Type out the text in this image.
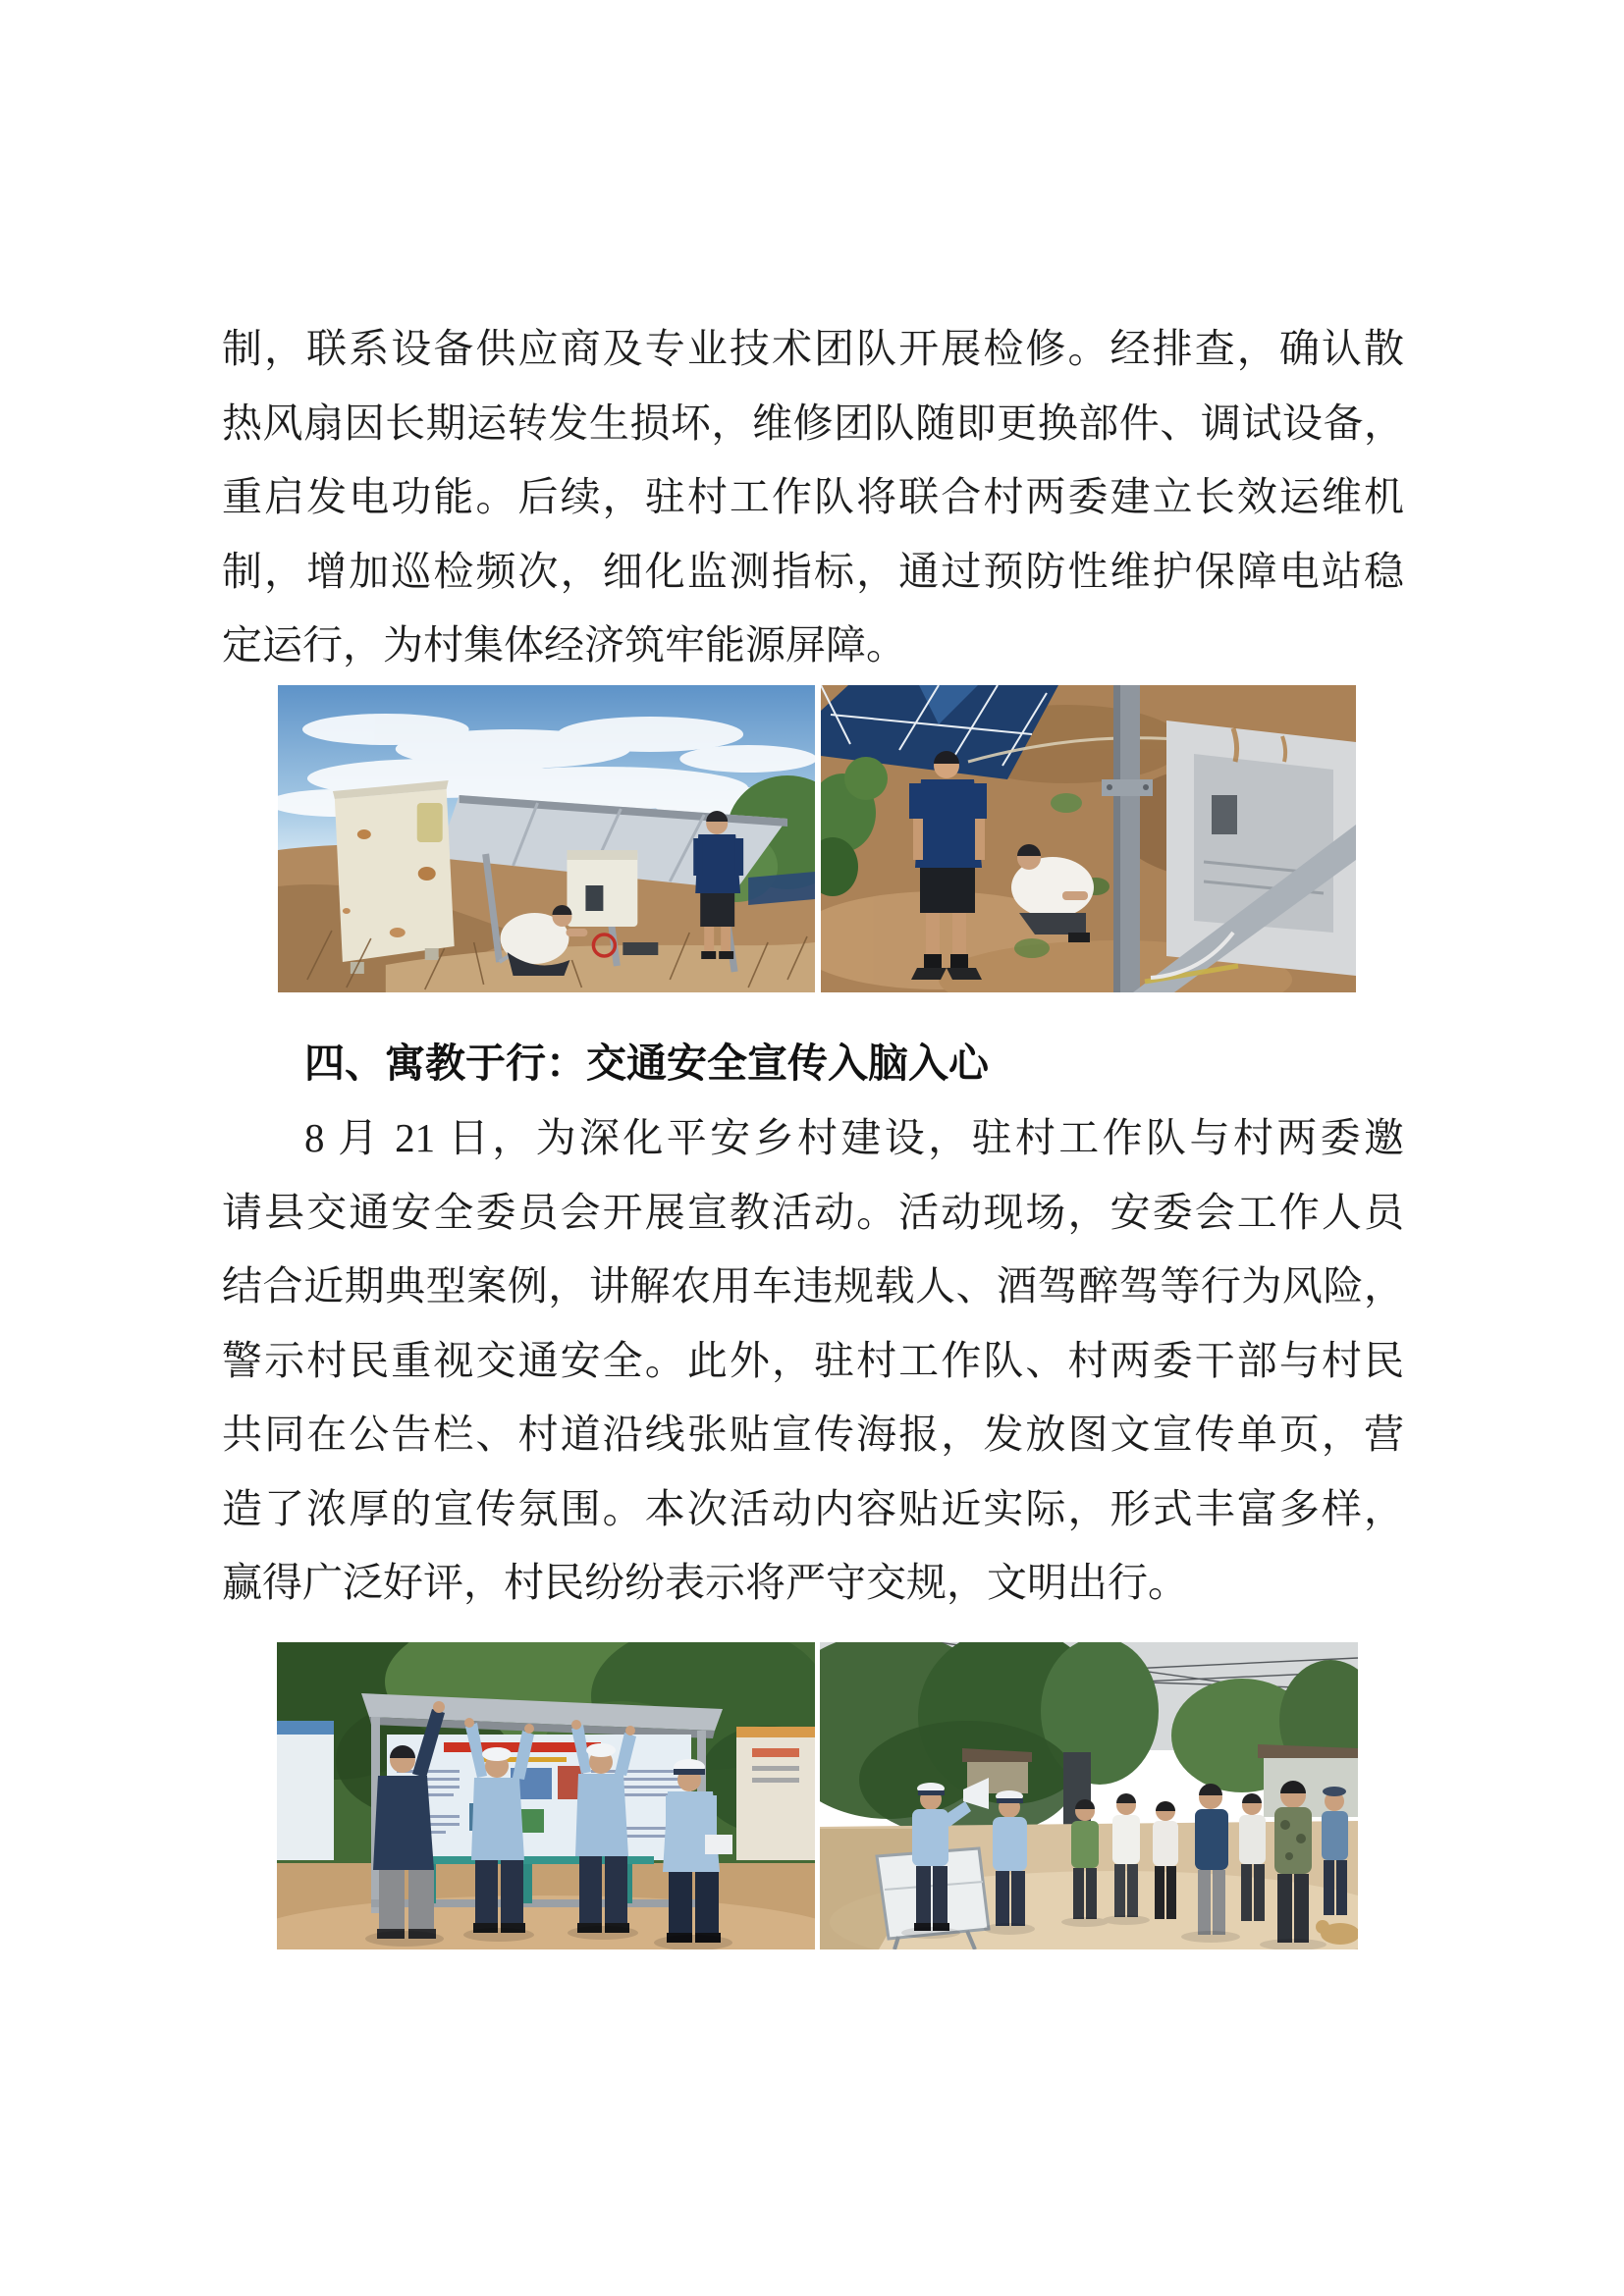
制，联系设备供应商及专业技术团队开展检修。经排查，确认散
热风扇因长期运转发生损坏，维修团队随即更换部件、调试设备，
重启发电功能。后续，驻村工作队将联合村两委建立长效运维机
制，增加巡检频次，细化监测指标，通过预防性维护保障电站稳
定运行，为村集体经济筑牢能源屏障。
四、寓教于行：交通安全宣传入脑入心
8 月 21 日，为深化平安乡村建设，驻村工作队与村两委邀
请县交通安全委员会开展宣教活动。活动现场，安委会工作人员
结合近期典型案例，讲解农用车违规载人、酒驾醉驾等行为风险，
警示村民重视交通安全。此外，驻村工作队、村两委干部与村民
共同在公告栏、村道沿线张贴宣传海报，发放图文宣传单页，营
造了浓厚的宣传氛围。本次活动内容贴近实际，形式丰富多样，
赢得广泛好评，村民纷纷表示将严守交规，文明出行。
